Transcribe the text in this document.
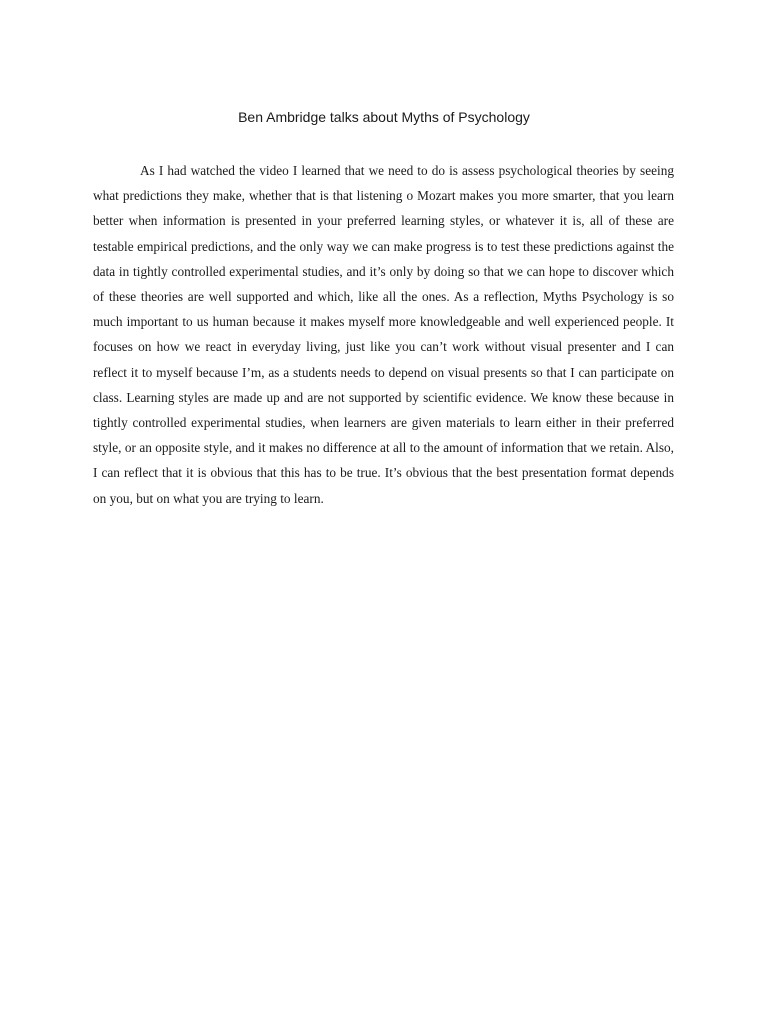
Ben Ambridge talks about Myths of Psychology

As I had watched the video I learned that we need to do is assess psychological theories by seeing what predictions they make, whether that is that listening o Mozart makes you more smarter, that you learn better when information is presented in your preferred learning styles, or whatever it is, all of these are testable empirical predictions, and the only way we can make progress is to test these predictions against the data in tightly controlled experimental studies, and it’s only by doing so that we can hope to discover which of these theories are well supported and which, like all the ones. As a reflection, Myths Psychology is so much important to us human because it makes myself more knowledgeable and well experienced people. It focuses on how we react in everyday living, just like you can’t work without visual presenter and I can reflect it to myself because I’m, as a students needs to depend on visual presents so that I can participate on class. Learning styles are made up and are not supported by scientific evidence. We know these because in tightly controlled experimental studies, when learners are given materials to learn either in their preferred style, or an opposite style, and it makes no difference at all to the amount of information that we retain. Also, I can reflect that it is obvious that this has to be true. It’s obvious that the best presentation format depends on you, but on what you are trying to learn.
